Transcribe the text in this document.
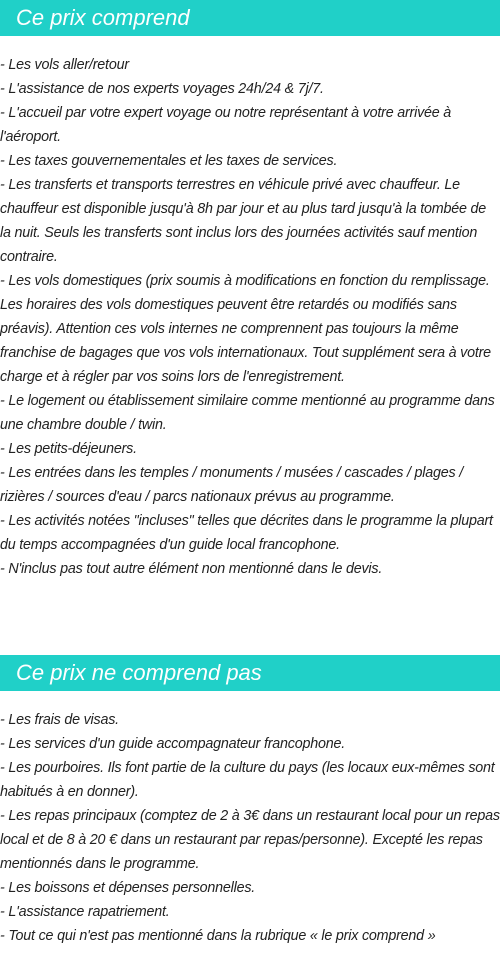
Ce prix comprend
- Les vols aller/retour
- L'assistance de nos experts voyages 24h/24 & 7j/7.
- L'accueil par votre expert voyage ou notre représentant à votre arrivée à l'aéroport.
- Les taxes gouvernementales et les taxes de services.
- Les transferts et transports terrestres en véhicule privé avec chauffeur. Le chauffeur est disponible jusqu'à 8h par jour et au plus tard jusqu'à la tombée de la nuit. Seuls les transferts sont inclus lors des journées activités sauf mention contraire.
- Les vols domestiques (prix soumis à modifications en fonction du remplissage. Les horaires des vols domestiques peuvent être retardés ou modifiés sans préavis). Attention ces vols internes ne comprennent pas toujours la même franchise de bagages que vos vols internationaux. Tout supplément sera à votre charge et à régler par vos soins lors de l'enregistrement.
- Le logement ou établissement similaire comme mentionné au programme dans une chambre double / twin.
- Les petits-déjeuners.
- Les entrées dans les temples / monuments / musées / cascades / plages / rizières / sources d'eau / parcs nationaux prévus au programme.
- Les activités notées "incluses" telles que décrites dans le programme la plupart du temps accompagnées d'un guide local francophone.
- N'inclus pas tout autre élément non mentionné dans le devis.
Ce prix ne comprend pas
- Les frais de visas.
- Les services d'un guide accompagnateur francophone.
- Les pourboires. Ils font partie de la culture du pays (les locaux eux-mêmes sont habitués à en donner).
- Les repas principaux (comptez de 2 à 3€ dans un restaurant local pour un repas local et de 8 à 20 € dans un restaurant par repas/personne). Excepté les repas mentionnés dans le programme.
- Les boissons et dépenses personnelles.
- L'assistance rapatriement.
- Tout ce qui n'est pas mentionné dans la rubrique « le prix comprend »
